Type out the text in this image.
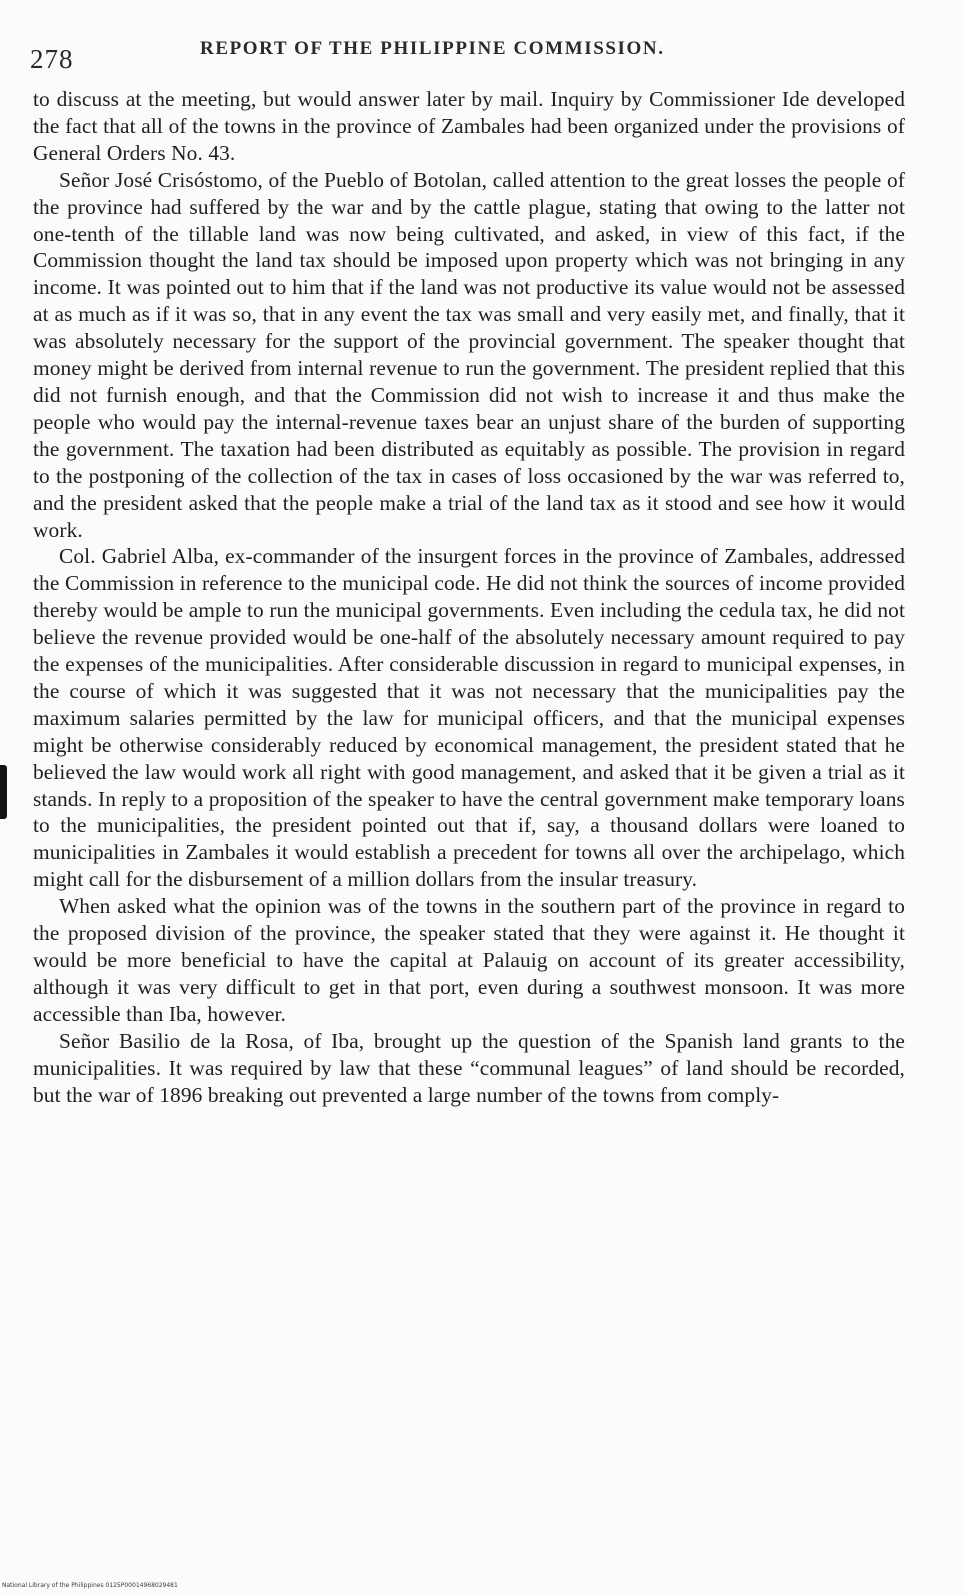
278	REPORT OF THE PHILIPPINE COMMISSION.

to discuss at the meeting, but would answer later by mail. Inquiry by Commissioner Ide developed the fact that all of the towns in the province of Zambales had been organized under the provisions of General Orders No. 43.

Señor José Crisóstomo, of the Pueblo of Botolan, called attention to the great losses the people of the province had suffered by the war and by the cattle plague, stating that owing to the latter not one-tenth of the tillable land was now being cultivated, and asked, in view of this fact, if the Commission thought the land tax should be imposed upon property which was not bringing in any income. It was pointed out to him that if the land was not productive its value would not be assessed at as much as if it was so, that in any event the tax was small and very easily met, and finally, that it was absolutely necessary for the support of the provincial government. The speaker thought that money might be derived from internal revenue to run the government. The president replied that this did not furnish enough, and that the Commission did not wish to increase it and thus make the people who would pay the internal-revenue taxes bear an unjust share of the burden of supporting the government. The taxation had been distributed as equitably as possible. The provision in regard to the postponing of the collection of the tax in cases of loss occasioned by the war was referred to, and the president asked that the people make a trial of the land tax as it stood and see how it would work.

Col. Gabriel Alba, ex-commander of the insurgent forces in the province of Zambales, addressed the Commission in reference to the municipal code. He did not think the sources of income provided thereby would be ample to run the municipal governments. Even including the cedula tax, he did not believe the revenue provided would be one-half of the absolutely necessary amount required to pay the expenses of the municipalities. After considerable discussion in regard to municipal expenses, in the course of which it was suggested that it was not necessary that the municipalities pay the maximum salaries permitted by the law for municipal officers, and that the municipal expenses might be otherwise considerably reduced by economical management, the president stated that he believed the law would work all right with good management, and asked that it be given a trial as it stands. In reply to a proposition of the speaker to have the central government make temporary loans to the municipalities, the president pointed out that if, say, a thousand dollars were loaned to municipalities in Zambales it would establish a precedent for towns all over the archipelago, which might call for the disbursement of a million dollars from the insular treasury.

When asked what the opinion was of the towns in the southern part of the province in regard to the proposed division of the province, the speaker stated that they were against it. He thought it would be more beneficial to have the capital at Palauig on account of its greater accessibility, although it was very difficult to get in that port, even during a southwest monsoon. It was more accessible than Iba, however.

Señor Basilio de la Rosa, of Iba, brought up the question of the Spanish land grants to the municipalities. It was required by law that these “communal leagues” of land should be recorded, but the war of 1896 breaking out prevented a large number of the towns from comply-

National Library of the Philippines 0125P00014968029481
